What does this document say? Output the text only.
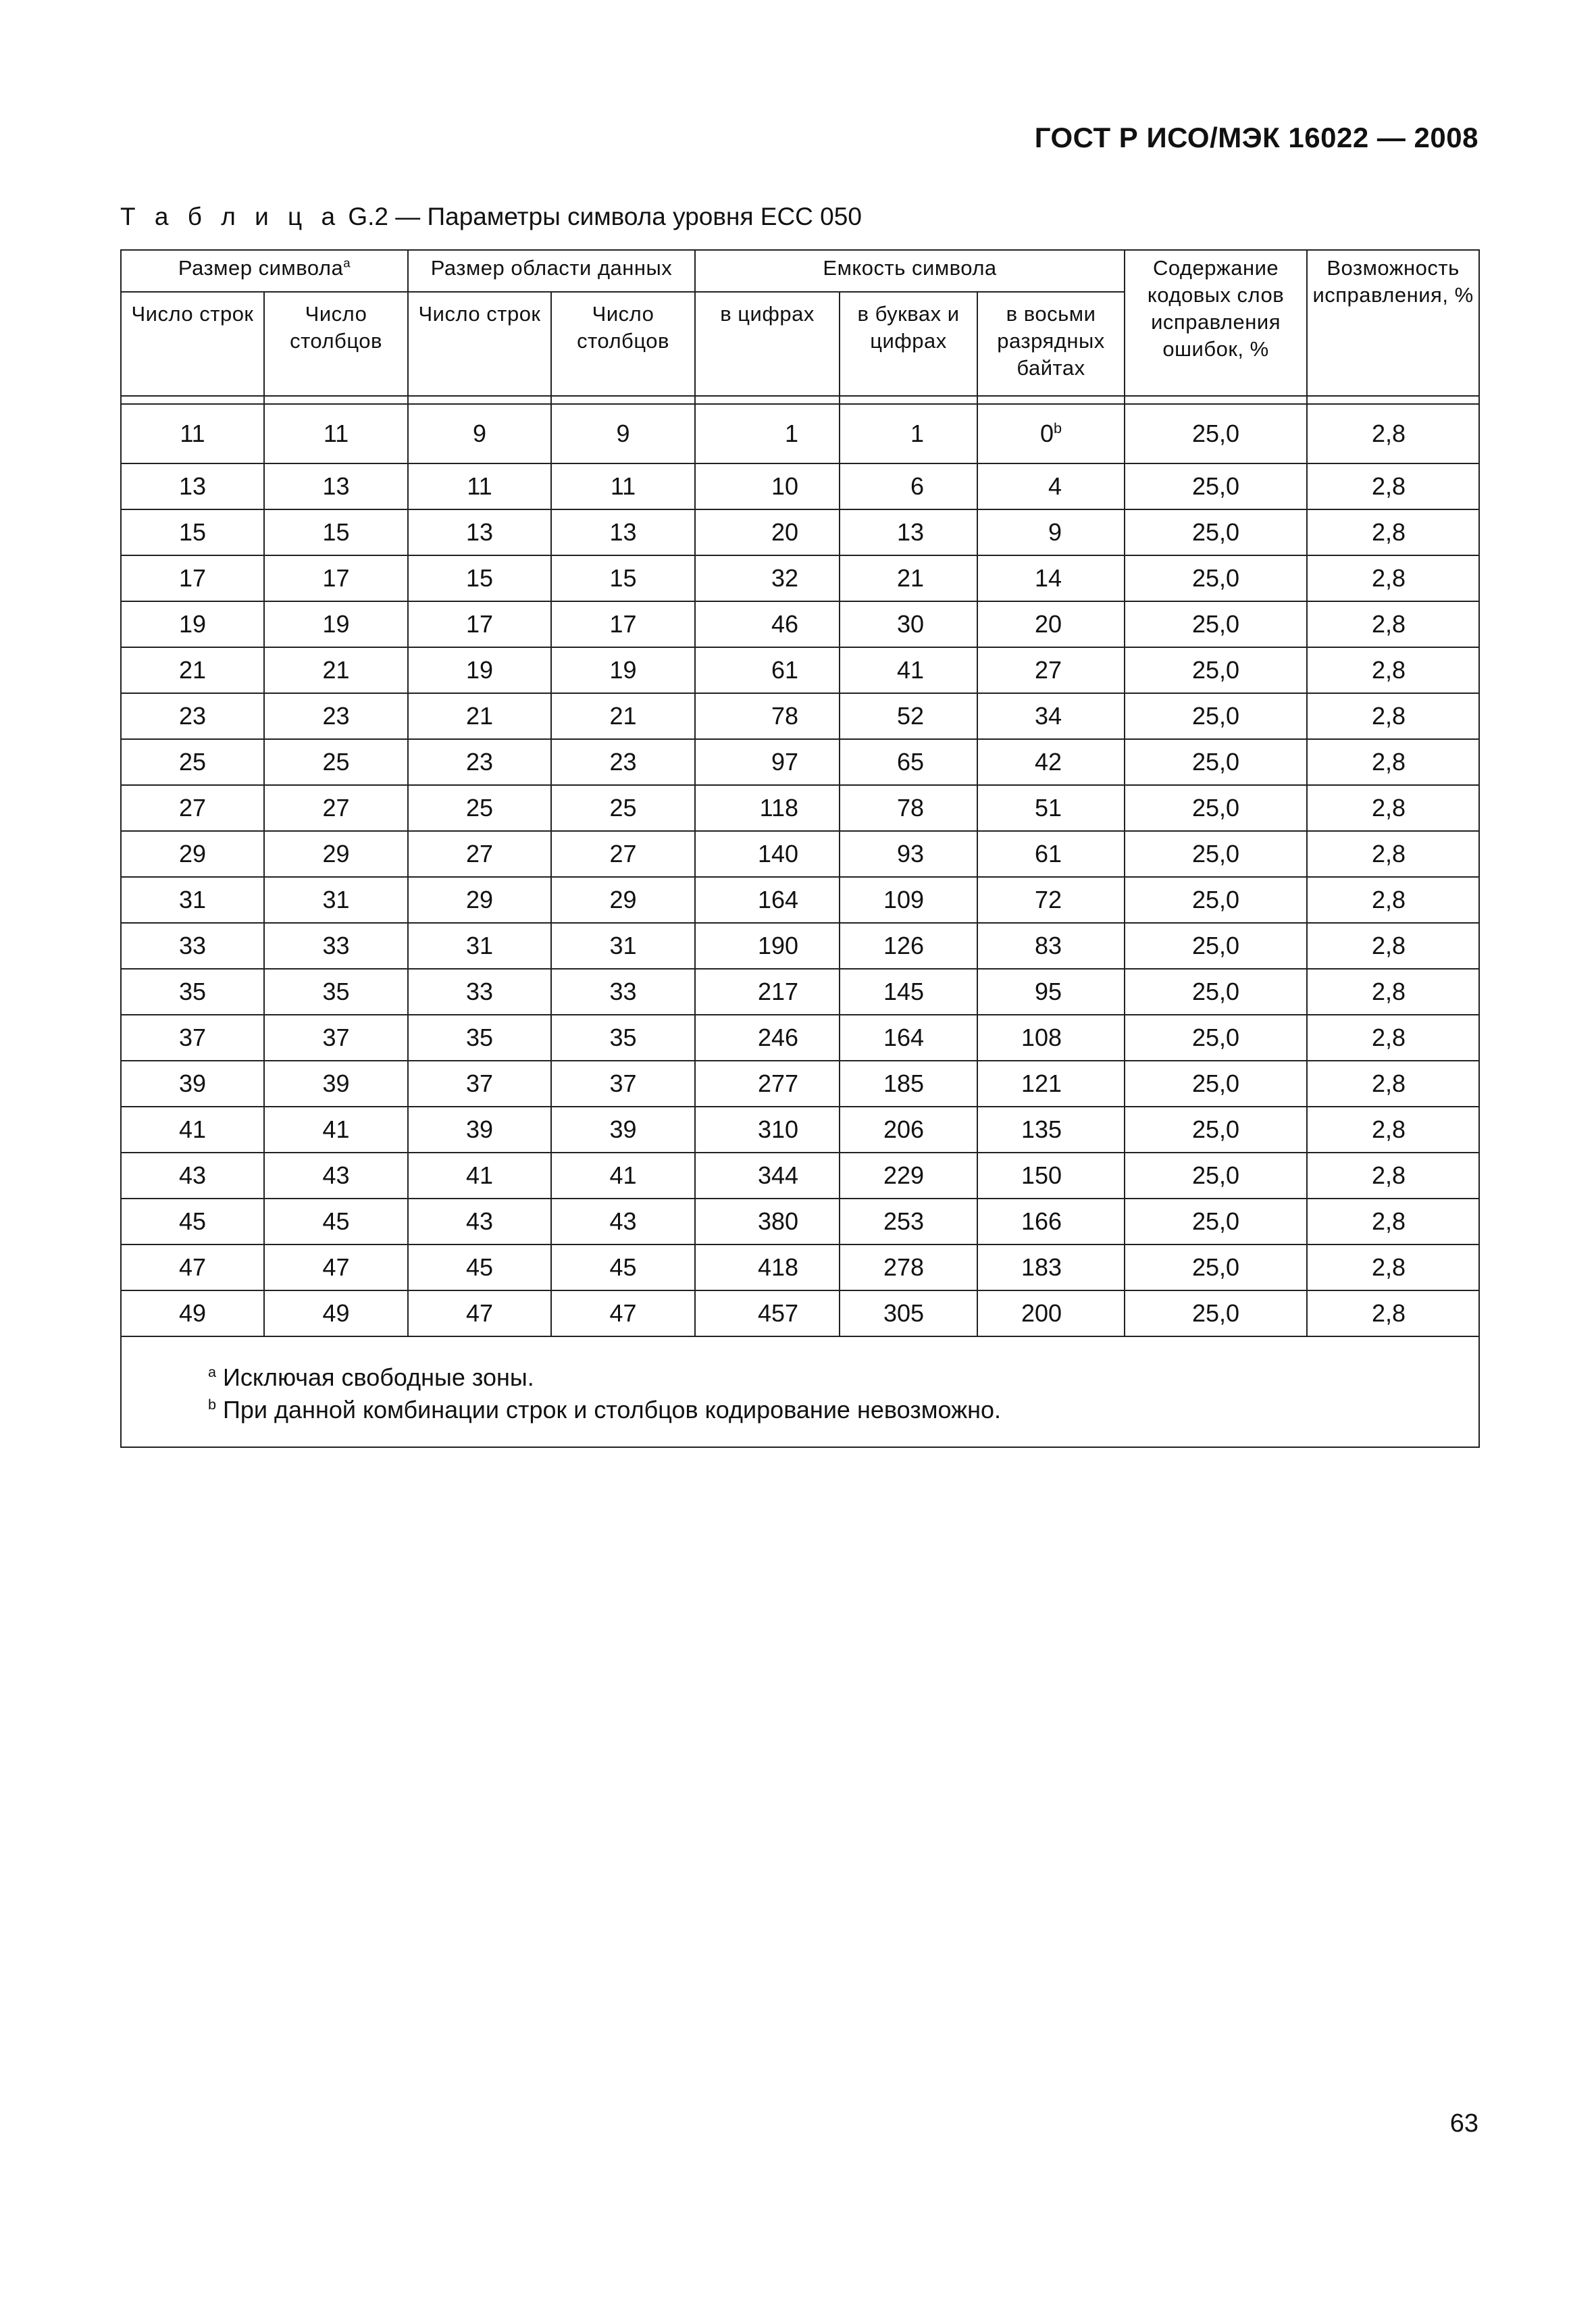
ГОСТ Р ИСО/МЭК 16022 — 2008
Т а б л и ц а G.2 — Параметры символа уровня ЕСС 050
Размер символа$^a$		Размер области данных		Емкость символа			Содержание кодовых слов исправления ошибок, %	Возможность исправления, %
Число строк	Число столбцов	Число строк	Число столбцов	в цифрах	в буквах и цифрах	в восьми разрядных байтах		

11	11	9	9	1	1	0$^b$	25,0	2,8
13	13	11	11	10	6	4	25,0	2,8
15	15	13	13	20	13	9	25,0	2,8
17	17	15	15	32	21	14	25,0	2,8
19	19	17	17	46	30	20	25,0	2,8
21	21	19	19	61	41	27	25,0	2,8
23	23	21	21	78	52	34	25,0	2,8
25	25	23	23	97	65	42	25,0	2,8
27	27	25	25	118	78	51	25,0	2,8
29	29	27	27	140	93	61	25,0	2,8
31	31	29	29	164	109	72	25,0	2,8
33	33	31	31	190	126	83	25,0	2,8
35	35	33	33	217	145	95	25,0	2,8
37	37	35	35	246	164	108	25,0	2,8
39	39	37	37	277	185	121	25,0	2,8
41	41	39	39	310	206	135	25,0	2,8
43	43	41	41	344	229	150	25,0	2,8
45	45	43	43	380	253	166	25,0	2,8
47	47	45	45	418	278	183	25,0	2,8
49	49	47	47	457	305	200	25,0	2,8

$^a$ Исключая свободные зоны.
$^b$ При данной комбинации строк и столбцов кодирование невозможно.								
63
